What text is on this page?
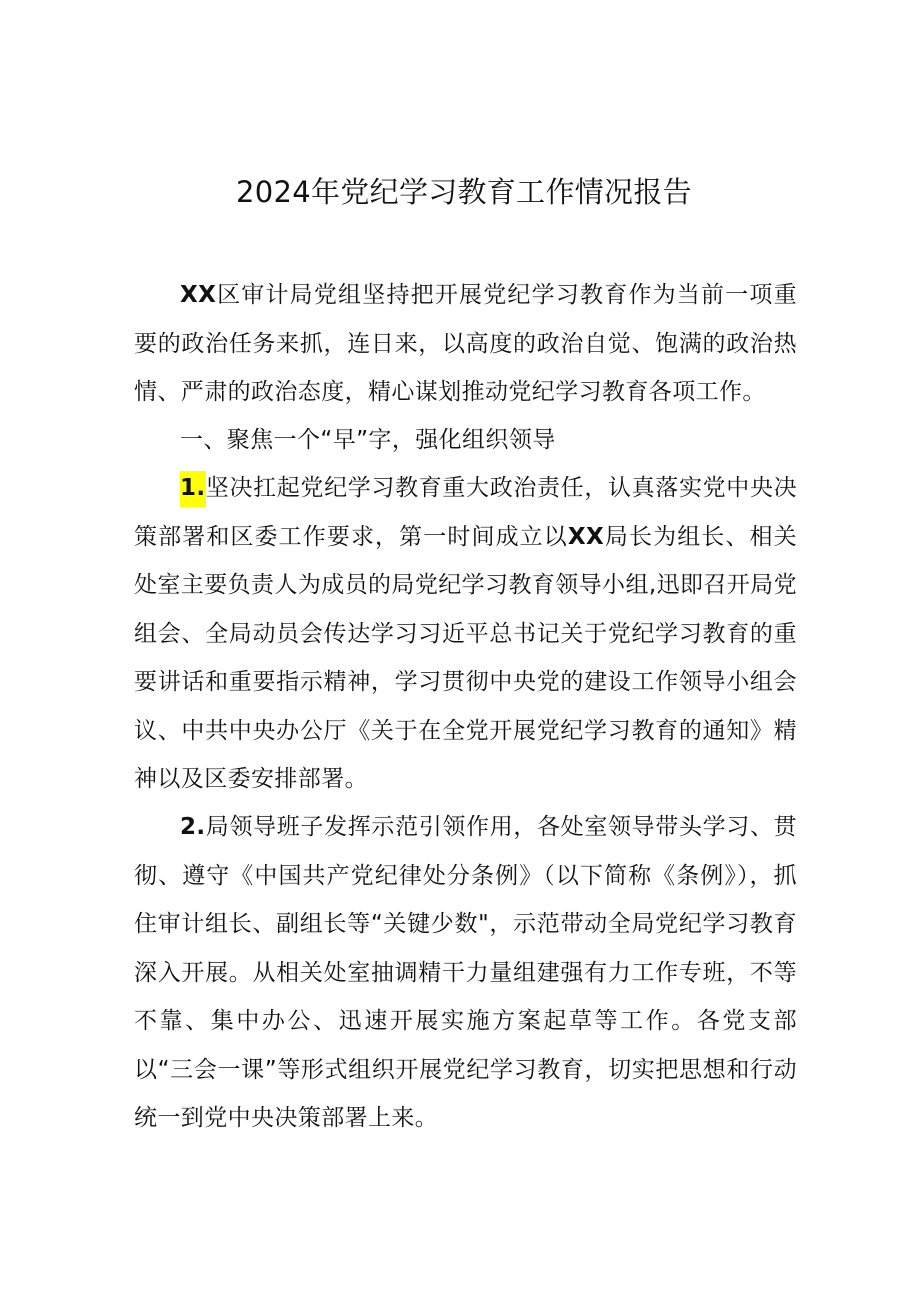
2024年党纪学习教育工作情况报告

XX区审计局党组坚持把开展党纪学习教育作为当前一项重要的政治任务来抓，连日来，以高度的政治自觉、饱满的政治热情、严肃的政治态度，精心谋划推动党纪学习教育各项工作。

一、聚焦一个“早”字，强化组织领导

1.坚决扛起党纪学习教育重大政治责任，认真落实党中央决策部署和区委工作要求，第一时间成立以XX局长为组长、相关处室主要负责人为成员的局党纪学习教育领导小组,迅即召开局党组会、全局动员会传达学习习近平总书记关于党纪学习教育的重要讲话和重要指示精神，学习贯彻中央党的建设工作领导小组会议、中共中央办公厅《关于在全党开展党纪学习教育的通知》精神以及区委安排部署。

2.局领导班子发挥示范引领作用，各处室领导带头学习、贯彻、遵守《中国共产党纪律处分条例》（以下简称《条例》），抓住审计组长、副组长等“关键少数"，示范带动全局党纪学习教育深入开展。从相关处室抽调精干力量组建强有力工作专班，不等不靠、集中办公、迅速开展实施方案起草等工作。各党支部以“三会一课”等形式组织开展党纪学习教育，切实把思想和行动统一到党中央决策部署上来。
